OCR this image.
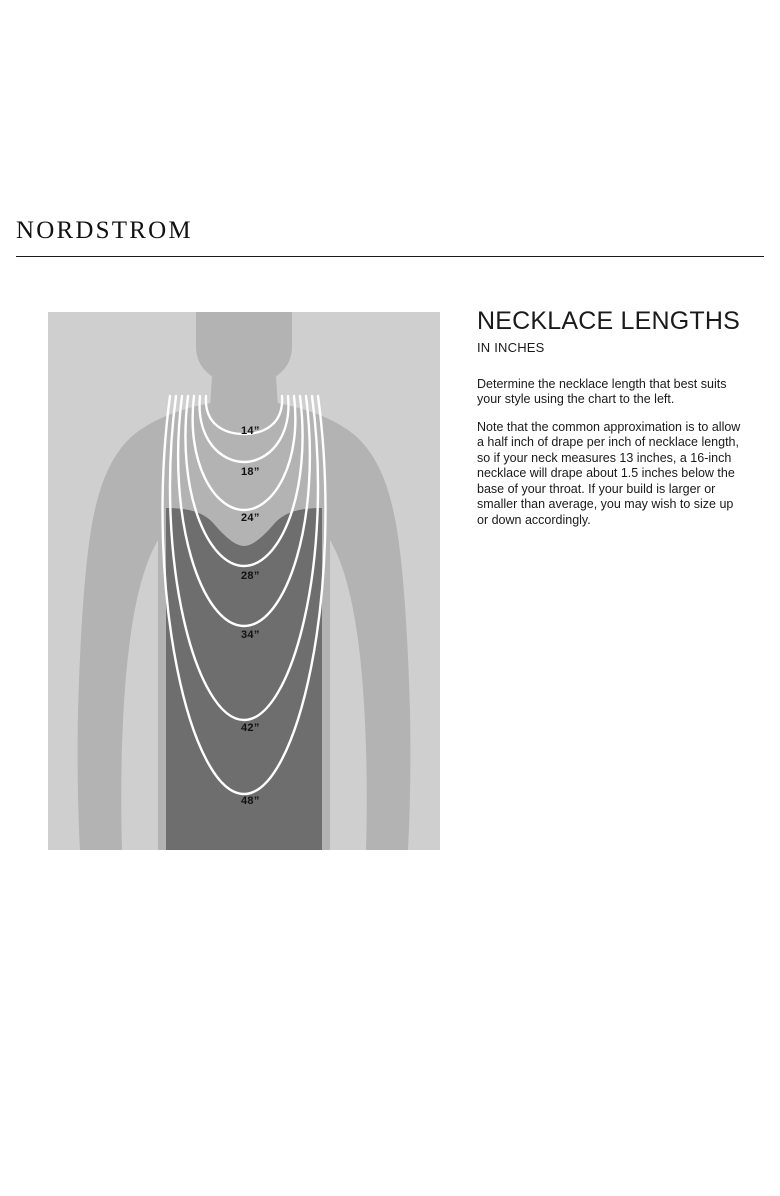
NORDSTROM
14”
18”
24”
28”
34”
42”
48”
NECKLACE LENGTHS
IN INCHES

Determine the necklace length that best suits your style using the chart to the left.

Note that the common approximation is to allow a half inch of drape per inch of necklace length, so if your neck measures 13 inches, a 16-inch necklace will drape about 1.5 inches below the base of your throat. If your build is larger or smaller than average, you may wish to size up or down accordingly.
